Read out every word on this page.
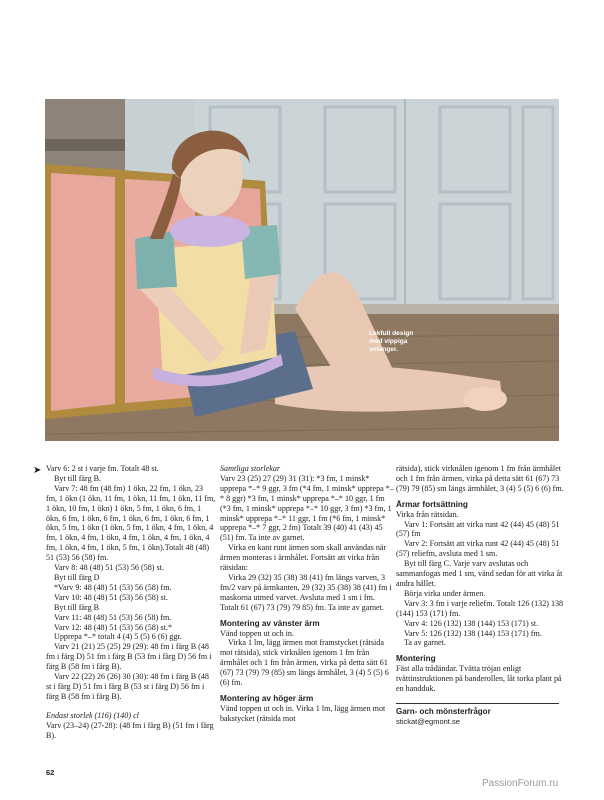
Lekfull design
med vippiga
volanger.
➤ Varv 6: 2 st i varje fm. Totalt 48 st.

Byt till färg B.

Varv 7: 48 fm (48 fm) 1 ökn, 22 fm, 1 ökn, 23 fm, 1 ökn (1 ökn, 11 fm, 1 ökn, 11 fm, 1 ökn, 11 fm, 1 ökn, 10 fm, 1 ökn) 1 ökn, 5 fm, 1 ökn, 6 fm, 1 ökn, 6 fm, 1 ökn, 6 fm, 1 ökn, 6 fm, 1 ökn, 6 fm, 1 ökn, 5 fm, 1 ökn (1 ökn, 5 fm, 1 ökn, 4 fm, 1 ökn, 4 fm, 1 ökn, 4 fm, 1 ökn, 4 fm, 1 ökn, 4 fm, 1 ökn, 4 fm, 1 ökn, 4 fm, 1 ökn, 5 fm, 1 ökn).Totalt 48 (48) 51 (53) 56 (58) fm.

Varv 8: 48 (48) 51 (53) 56 (58) st.

Byt till färg D

*Varv 9: 48 (48) 51 (53) 56 (58) fm.

Varv 10: 48 (48) 51 (53) 56 (58) st.

Byt till färg B

Varv 11: 48 (48) 51 (53) 56 (58) fm.

Varv 12: 48 (48) 51 (53) 56 (58) st.*

Upprepa *–* totalt 4 (4) 5 (5) 6 (6) ggr.

Varv 21 (21) 25 (25) 29 (29): 48 fm i färg B (48 fm i färg D) 51 fm i färg B (53 fm i färg D) 56 fm i färg B (58 fm i färg B).

Varv 22 (22) 26 (26) 30 (30): 48 fm i färg B (48 st i färg D) 51 fm i färg B (53 st i färg D) 56 fm i färg B (58 fm i färg B).

Endast storlek (116) (140) cl

Varv (23–24) (27-28): (48 fm i färg B) (51 fm i färg B).

Samtliga storlekar

Varv 23 (25) 27 (29) 31 (31): *3 fm, 1 minsk* upprepa *–* 9 ggr, 3 fm (*4 fm, 1 minsk* upprepa *–* 8 ggr) *3 fm, 1 minsk* upprepa *–* 10 ggr, 1 fm (*3 fm, 1 minsk* upprepa *–* 10 ggr, 3 fm) *3 fm, 1 minsk* upprepa *–* 11 ggr, 1 fm (*6 fm, 1 minsk* upprepa *–* 7 ggr, 2 fm) Totalt 39 (40) 41 (43) 45 (51) fm. Ta inte av garnet.

Virka en kant runt ärmen som skall användas när ärmen monteras i ärmhålet. Fortsätt att virka från rätsidan:

Virka 29 (32) 35 (38) 38 (41) fm längs varven, 3 fm/2 varv på ärmkanten, 29 (32) 35 (38) 38 (41) fm i maskorna utmed varvet. Avsluta med 1 sm i fm. Totalt 61 (67) 73 (79) 79 85) fm. Ta inte av garnet.

Montering av vänster ärm

Vänd toppen ut och in.

Virka 1 lm, lägg ärmen mot framstycket (rätsida mot rätsida), stick virknålen igenom 1 fm från ärmhålet och 1 fm från ärmen, virka på detta sätt 61 (67) 73 (79) 79 (85) sm längs ärmhålet, 3 (4) 5 (5) 6 (6) fm.

Montering av höger ärm

Vänd toppen ut och in. Virka 1 lm, lägg ärmen mot bakstycket (rätsida mot

rätsida), stick virknålen igenom 1 fm från ärmhålet och 1 fm från ärmen, virka på detta sätt 61 (67) 73 (79) 79 (85) sm längs ärmhålet, 3 (4) 5 (5) 6 (6) fm.

Ärmar fortsättning

Virka från rätsidan.

Varv 1: Fortsätt att virka runt 42 (44) 45 (48) 51 (57) fm

Varv 2: Fortsätt att virka runt 42 (44) 45 (48) 51 (57) reliefm, avsluta med 1 sm.

Byt till färg C. Varje varv avslutas och sammanfogas med 1 sm, vänd sedan för att virka åt andra hållet.

Börja virka under ärmen.

Varv 3: 3 fm i varje reliefm. Totalt 126 (132) 138 (144) 153 (171) fm.

Varv 4: 126 (132) 138 (144) 153 (171) st.

Varv 5: 126 (132) 138 (144) 153 (171) fm.

Ta av garnet.

Montering

Fäst alla trådändar. Tvätta tröjan enligt tvättinstruktionen på banderollen, låt torka plant på en handduk.

Garn- och mönsterfrågor
stickat@egmont.se
62
PassionForum.ru
